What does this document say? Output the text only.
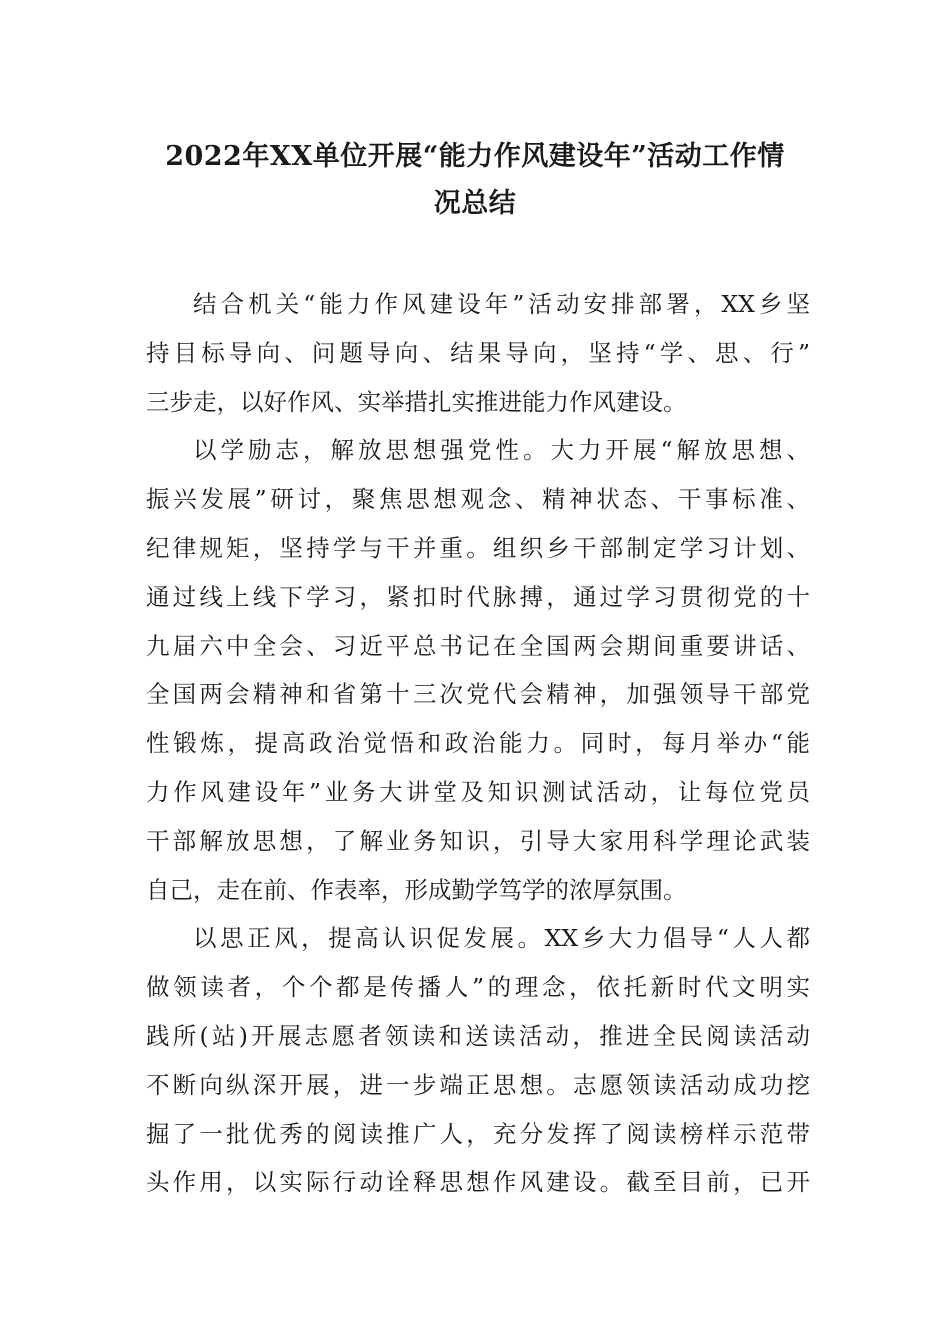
2022年XX单位开展“能力作风建设年”活动工作情
况总结

结合机关“能力作风建设年”活动安排部署，XX乡坚
持目标导向、问题导向、结果导向，坚持“学、思、行”
三步走，以好作风、实举措扎实推进能力作风建设。

以学励志，解放思想强党性。大力开展“解放思想、
振兴发展”研讨，聚焦思想观念、精神状态、干事标准、
纪律规矩，坚持学与干并重。组织乡干部制定学习计划、
通过线上线下学习，紧扣时代脉搏，通过学习贯彻党的十
九届六中全会、习近平总书记在全国两会期间重要讲话、
全国两会精神和省第十三次党代会精神，加强领导干部党
性锻炼，提高政治觉悟和政治能力。同时，每月举办“能
力作风建设年”业务大讲堂及知识测试活动，让每位党员
干部解放思想，了解业务知识，引导大家用科学理论武装
自己，走在前、作表率，形成勤学笃学的浓厚氛围。

以思正风，提高认识促发展。XX乡大力倡导“人人都
做领读者，个个都是传播人”的理念，依托新时代文明实
践所(站)开展志愿者领读和送读活动，推进全民阅读活动
不断向纵深开展，进一步端正思想。志愿领读活动成功挖
掘了一批优秀的阅读推广人，充分发挥了阅读榜样示范带
头作用，以实际行动诠释思想作风建设。截至目前，已开
